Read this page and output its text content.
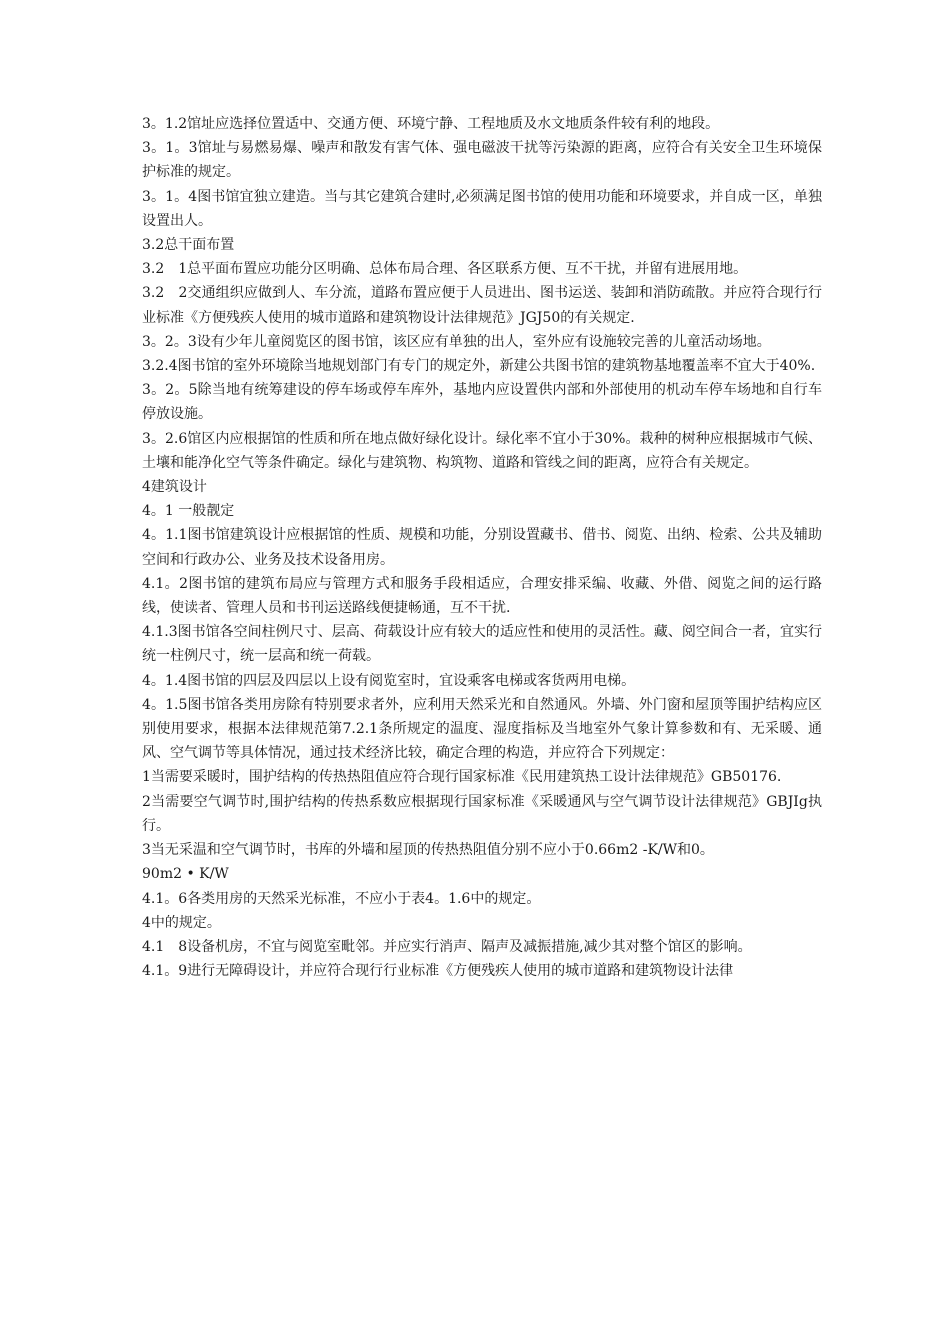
3。1.2馆址应选择位置适中、交通方便、环境宁静、工程地质及水文地质条件较有利的地段。

3。1。3馆址与易燃易爆、噪声和散发有害气体、强电磁波干扰等污染源的距离，应符合有关安全卫生环境保护标准的规定。

3。1。4图书馆宜独立建造。当与其它建筑合建时,必须满足图书馆的使用功能和环境要求，并自成一区，单独设置出人。

3.2总干面布置

3.2　1总平面布置应功能分区明确、总体布局合理、各区联系方便、互不干扰，并留有进展用地。

3.2　2交通组织应做到人、车分流，道路布置应便于人员进出、图书运送、装卸和消防疏散。并应符合现行行业标准《方便残疾人使用的城市道路和建筑物设计法律规范》JGJ50的有关规定.

3。2。3设有少年儿童阅览区的图书馆，该区应有单独的出人，室外应有设施较完善的儿童活动场地。

3.2.4图书馆的室外环境除当地规划部门有专门的规定外，新建公共图书馆的建筑物基地覆盖率不宜大于40%.

3。2。5除当地有统筹建设的停车场或停车库外，基地内应设置供内部和外部使用的机动车停车场地和自行车停放设施。

3。2.6馆区内应根据馆的性质和所在地点做好绿化设计。绿化率不宜小于30%。栽种的树种应根据城市气候、土壤和能净化空气等条件确定。绿化与建筑物、构筑物、道路和管线之间的距离，应符合有关规定。

4建筑设计

4。1 一般靓定

4。1.1图书馆建筑设计应根据馆的性质、规模和功能，分别设置藏书、借书、阅览、出纳、检索、公共及辅助空间和行政办公、业务及技术设备用房。

4.1。2图书馆的建筑布局应与管理方式和服务手段相适应，合理安排采编、收藏、外借、阅览之间的运行路线，使读者、管理人员和书刊运送路线便捷畅通，互不干扰.

4.1.3图书馆各空间柱例尺寸、层高、荷载设计应有较大的适应性和使用的灵活性。藏、阅空间合一者，宜实行统一柱例尺寸，统一层高和统一荷载。

4。1.4图书馆的四层及四层以上设有阅览室时，宜设乘客电梯或客货两用电梯。

4。1.5图书馆各类用房除有特别要求者外，应利用天然采光和自然通风。外墙、外门窗和屋顶等围护结构应区别使用要求，根据本法律规范第7.2.1条所规定的温度、湿度指标及当地室外气象计算参数和有、无采暖、通风、空气调节等具体情况，通过技术经济比较，确定合理的构造，并应符合下列规定：

1当需要采暖时，围护结构的传热热阻值应符合现行国家标准《民用建筑热工设计法律规范》GB50176.

2当需要空气调节时,围护结构的传热系数应根据现行国家标准《采暖通风与空气调节设计法律规范》GBJIg执行。

3当无采温和空气调节时，书库的外墙和屋顶的传热热阻值分别不应小于0.66m2 -K/W和0。

90m2 • K/W

4.1。6各类用房的天然采光标准，不应小于表4。1.6中的规定。

4中的规定。

4.1　8设备机房，不宜与阅览室毗邻。并应实行消声、隔声及减振措施,减少其对整个馆区的影响。

4.1。9进行无障碍设计，并应符合现行行业标准《方便残疾人使用的城市道路和建筑物设计法律
